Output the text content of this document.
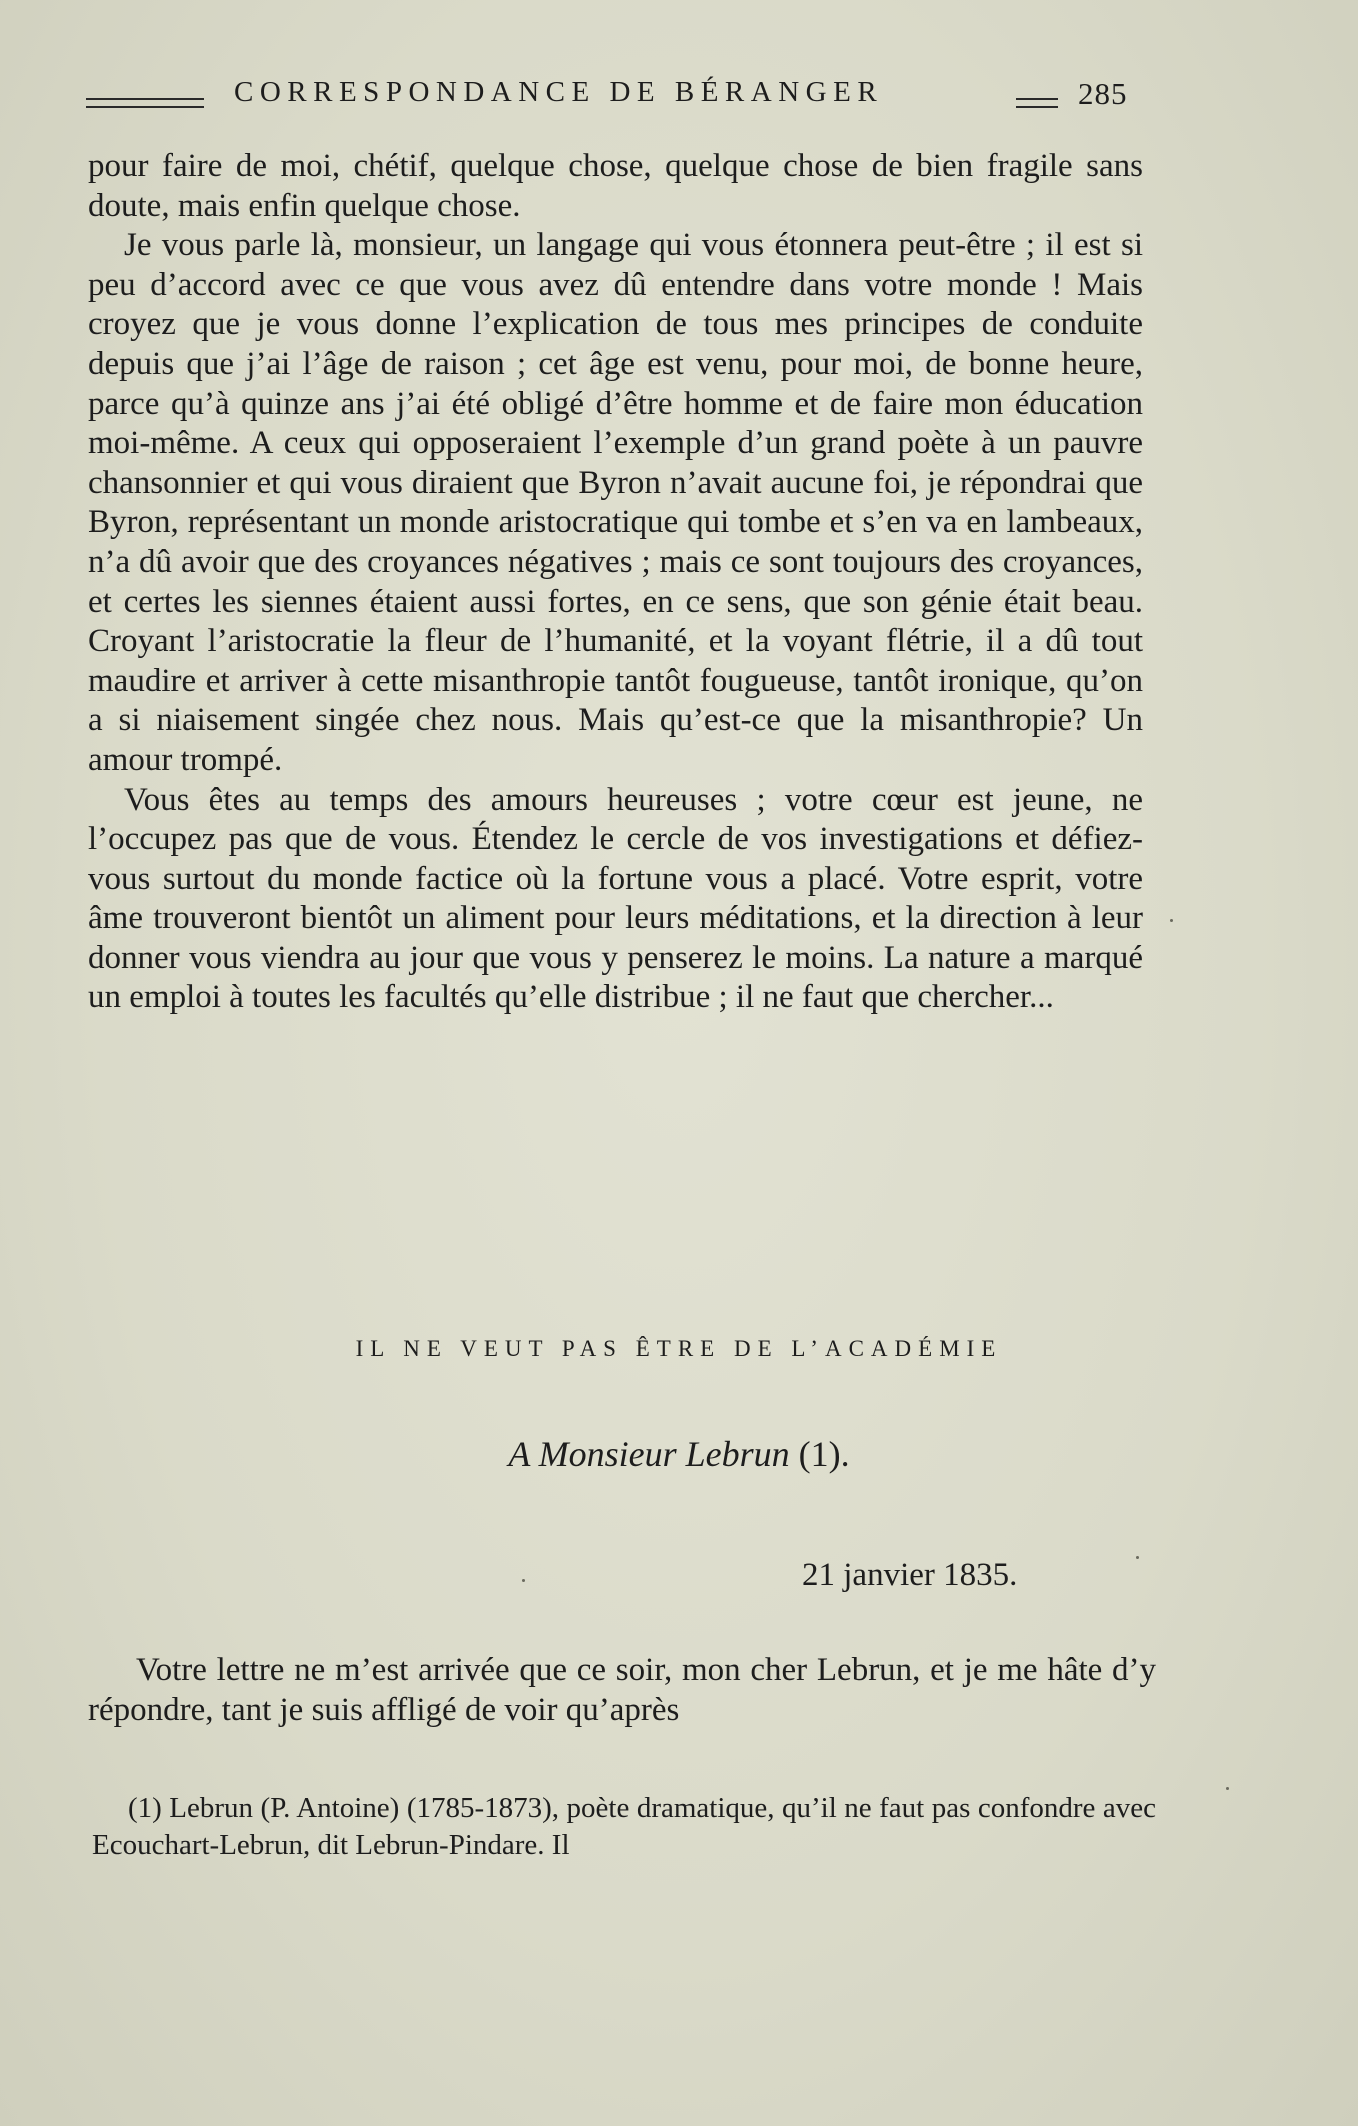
CORRESPONDANCE DE BÉRANGER	285

pour faire de moi, chétif, quelque chose, quelque chose de bien fragile sans doute, mais enfin quelque chose.

Je vous parle là, monsieur, un langage qui vous étonnera peut-être ; il est si peu d’accord avec ce que vous avez dû entendre dans votre monde ! Mais croyez que je vous donne l’explication de tous mes principes de conduite depuis que j’ai l’âge de raison ; cet âge est venu, pour moi, de bonne heure, parce qu’à quinze ans j’ai été obligé d’être homme et de faire mon éducation moi-même. A ceux qui opposeraient l’exemple d’un grand poète à un pauvre chansonnier et qui vous diraient que Byron n’avait aucune foi, je répondrai que Byron, représentant un monde aristocratique qui tombe et s’en va en lambeaux, n’a dû avoir que des croyances négatives ; mais ce sont toujours des croyances, et certes les siennes étaient aussi fortes, en ce sens, que son génie était beau. Croyant l’aristocratie la fleur de l’humanité, et la voyant flétrie, il a dû tout maudire et arriver à cette misanthropie tantôt fougueuse, tantôt ironique, qu’on a si niaisement singée chez nous. Mais qu’est-ce que la misanthropie? Un amour trompé.

Vous êtes au temps des amours heureuses ; votre cœur est jeune, ne l’occupez pas que de vous. Étendez le cercle de vos investigations et défiez-vous surtout du monde factice où la fortune vous a placé. Votre esprit, votre âme trouveront bientôt un aliment pour leurs méditations, et la direction à leur donner vous viendra au jour que vous y penserez le moins. La nature a marqué un emploi à toutes les facultés qu’elle distribue ; il ne faut que chercher...

IL NE VEUT PAS ÊTRE DE L’ACADÉMIE
A Monsieur Lebrun (1).
21 janvier 1835.

Votre lettre ne m’est arrivée que ce soir, mon cher Lebrun, et je me hâte d’y répondre, tant je suis affligé de voir qu’après

(1) Lebrun (P. Antoine) (1785-1873), poète dramatique, qu’il ne faut pas confondre avec Ecouchart-Lebrun, dit Lebrun-Pindare. Il
